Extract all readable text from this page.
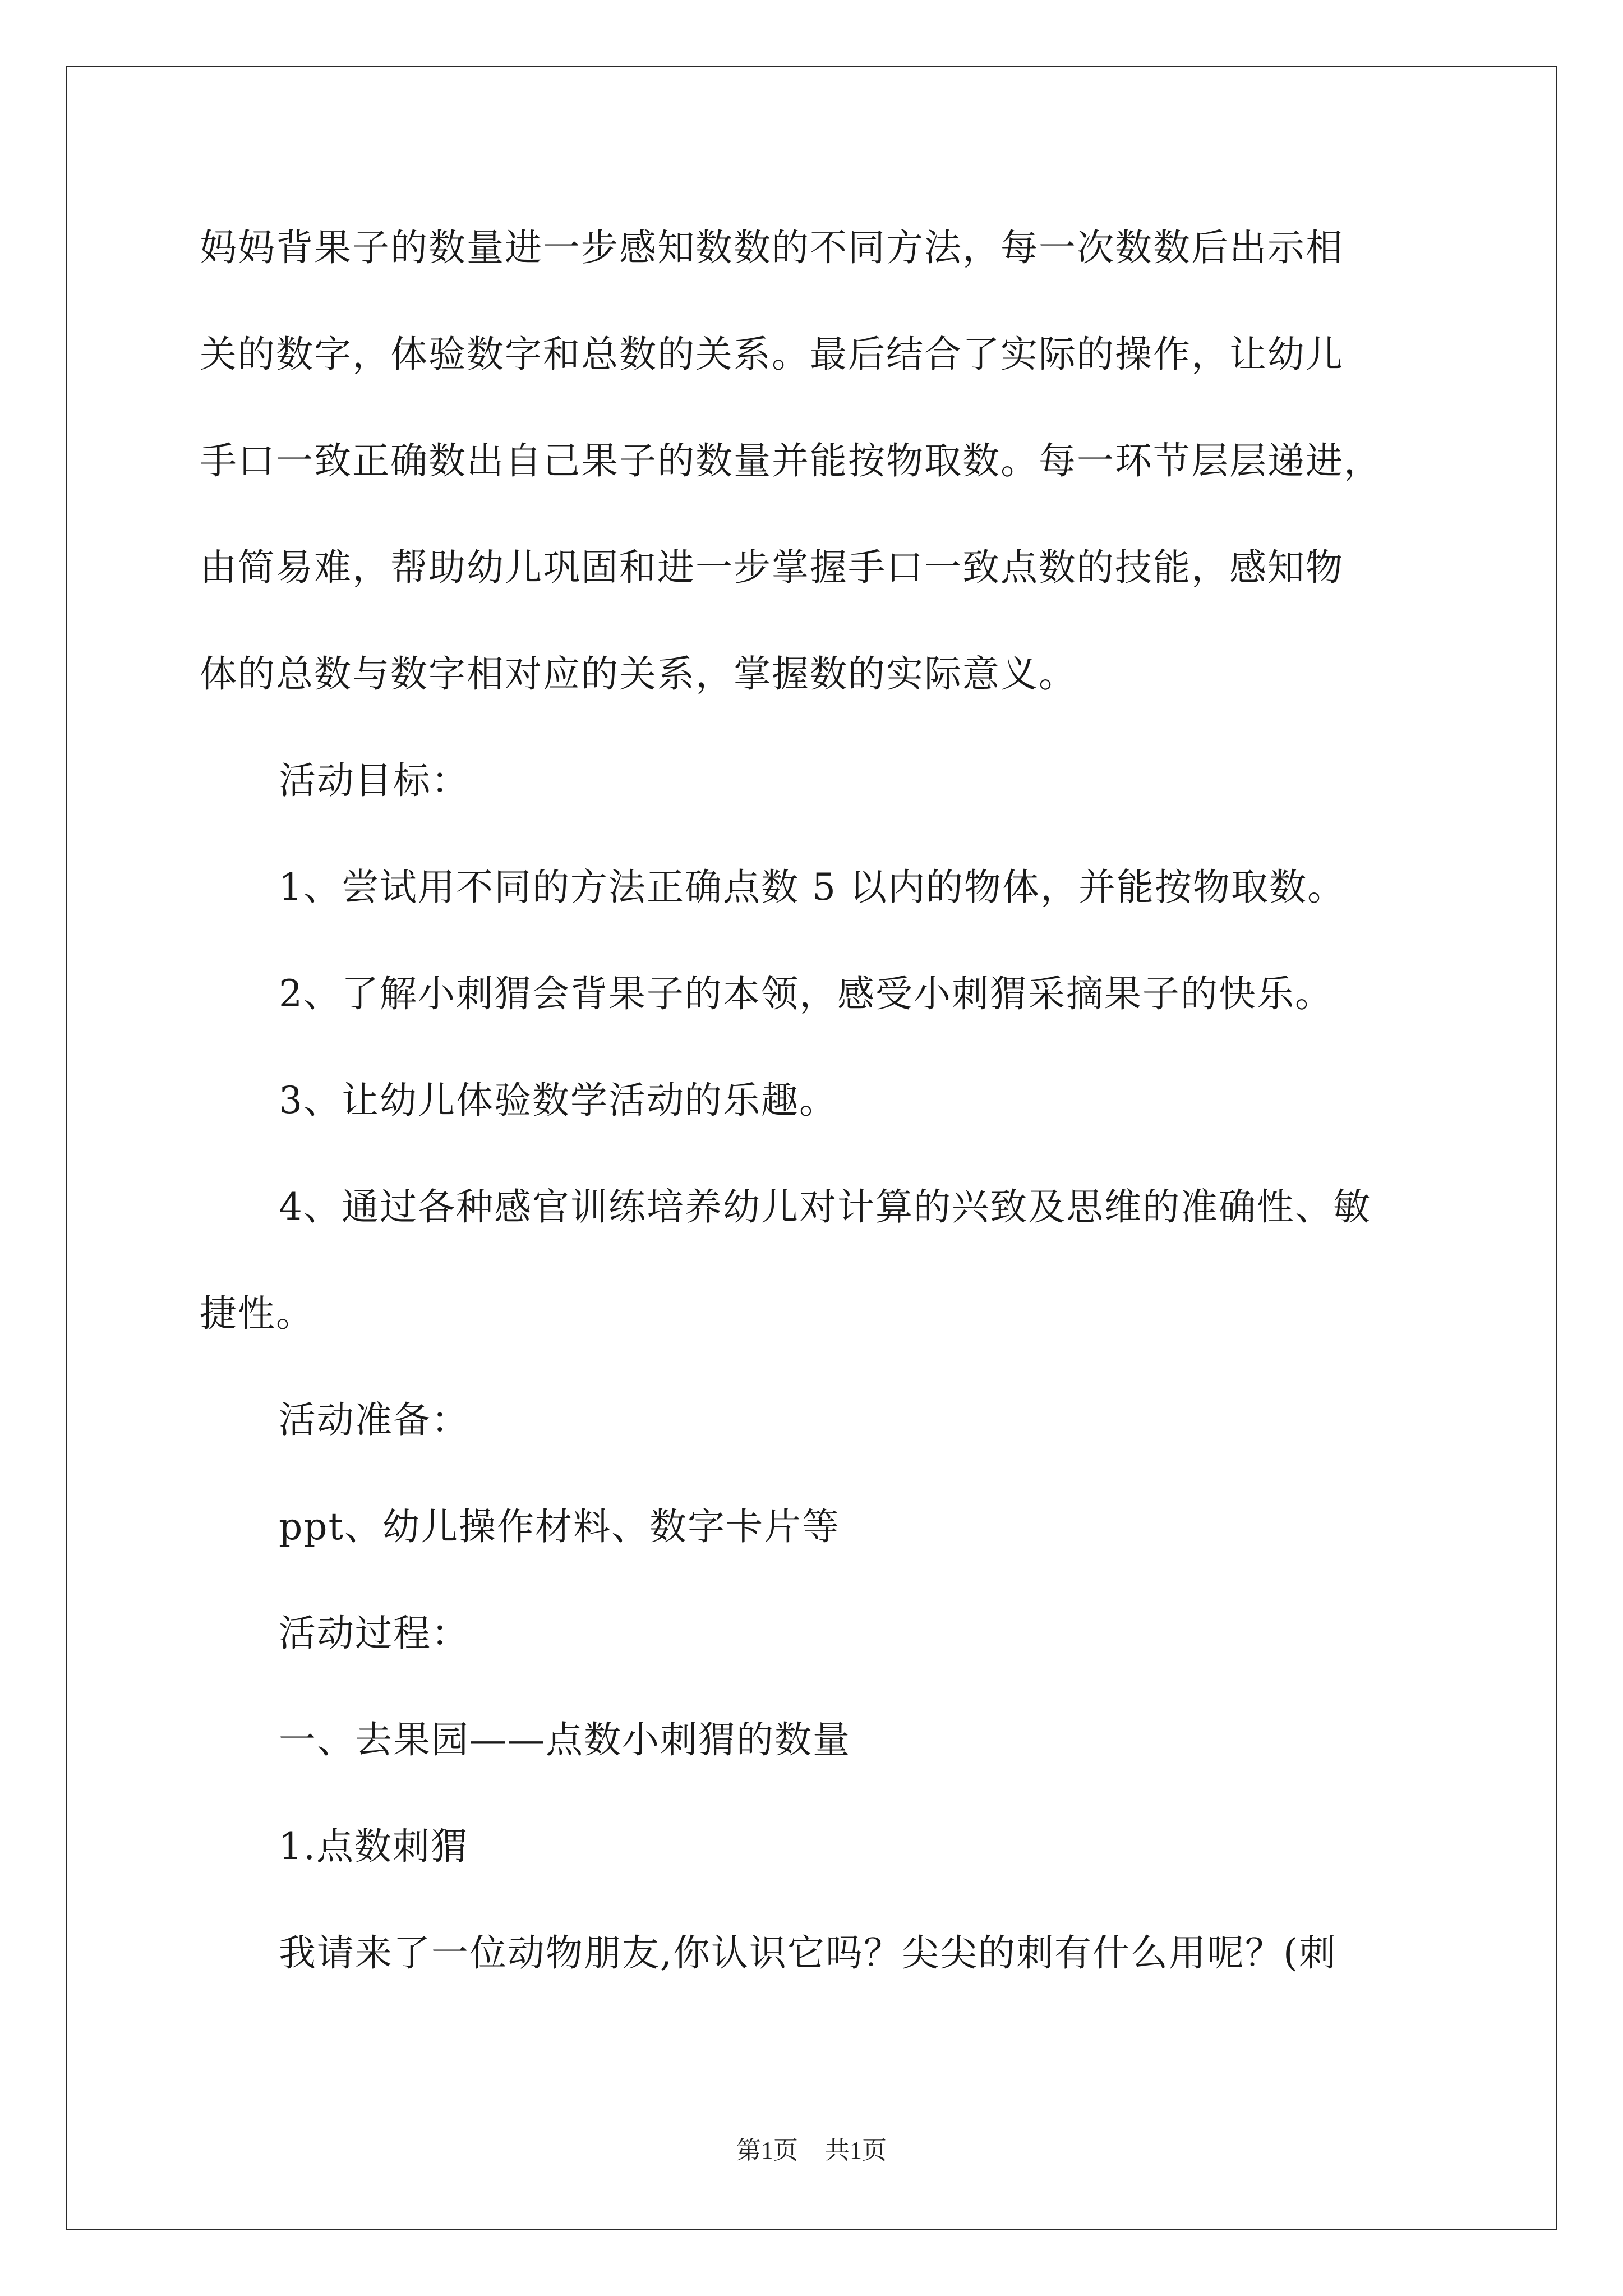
妈妈背果子的数量进一步感知数数的不同方法，每一次数数后出示相
关的数字，体验数字和总数的关系。最后结合了实际的操作，让幼儿
手口一致正确数出自己果子的数量并能按物取数。每一环节层层递进，
由简易难，帮助幼儿巩固和进一步掌握手口一致点数的技能，感知物
体的总数与数字相对应的关系，掌握数的实际意义。
活动目标：
1、尝试用不同的方法正确点数 5 以内的物体，并能按物取数。
2、了解小刺猬会背果子的本领，感受小刺猬采摘果子的快乐。
3、让幼儿体验数学活动的乐趣。
4、通过各种感官训练培养幼儿对计算的兴致及思维的准确性、敏
捷性。
活动准备：
ppt、幼儿操作材料、数字卡片等
活动过程：
一、去果园——点数小刺猬的数量
1.点数刺猬
我请来了一位动物朋友,你认识它吗？尖尖的刺有什么用呢？(刺
第1页 共1页
